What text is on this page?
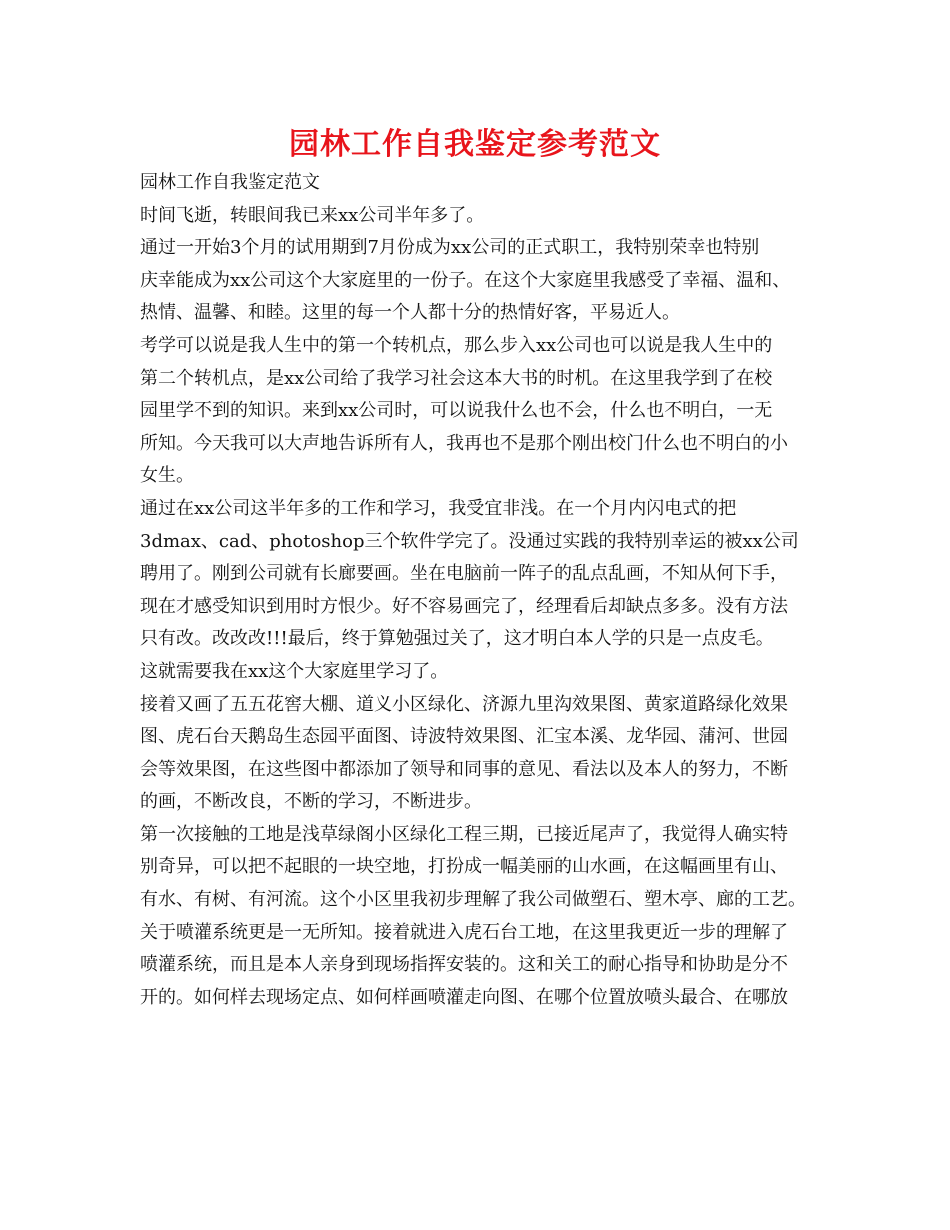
园林工作自我鉴定参考范文
园林工作自我鉴定范文
时间飞逝，转眼间我已来xx公司半年多了。
通过一开始3个月的试用期到7月份成为xx公司的正式职工，我特别荣幸也特别
庆幸能成为xx公司这个大家庭里的一份子。在这个大家庭里我感受了幸福、温和、
热情、温馨、和睦。这里的每一个人都十分的热情好客，平易近人。
考学可以说是我人生中的第一个转机点，那么步入xx公司也可以说是我人生中的
第二个转机点，是xx公司给了我学习社会这本大书的时机。在这里我学到了在校
园里学不到的知识。来到xx公司时，可以说我什么也不会，什么也不明白，一无
所知。今天我可以大声地告诉所有人，我再也不是那个刚出校门什么也不明白的小
女生。
通过在xx公司这半年多的工作和学习，我受宜非浅。在一个月内闪电式的把
3dmax、cad、photoshop三个软件学完了。没通过实践的我特别幸运的被xx公司
聘用了。刚到公司就有长廊要画。坐在电脑前一阵子的乱点乱画，不知从何下手，
现在才感受知识到用时方恨少。好不容易画完了，经理看后却缺点多多。没有方法
只有改。改改改!!!最后，终于算勉强过关了，这才明白本人学的只是一点皮毛。
这就需要我在xx这个大家庭里学习了。
接着又画了五五花窖大棚、道义小区绿化、济源九里沟效果图、黄家道路绿化效果
图、虎石台天鹅岛生态园平面图、诗波特效果图、汇宝本溪、龙华园、蒲河、世园
会等效果图，在这些图中都添加了领导和同事的意见、看法以及本人的努力，不断
的画，不断改良，不断的学习，不断进步。
第一次接触的工地是浅草绿阁小区绿化工程三期，已接近尾声了，我觉得人确实特
别奇异，可以把不起眼的一块空地，打扮成一幅美丽的山水画，在这幅画里有山、
有水、有树、有河流。这个小区里我初步理解了我公司做塑石、塑木亭、廊的工艺。
关于喷灌系统更是一无所知。接着就进入虎石台工地，在这里我更近一步的理解了
喷灌系统，而且是本人亲身到现场指挥安装的。这和关工的耐心指导和协助是分不
开的。如何样去现场定点、如何样画喷灌走向图、在哪个位置放喷头最合、在哪放
